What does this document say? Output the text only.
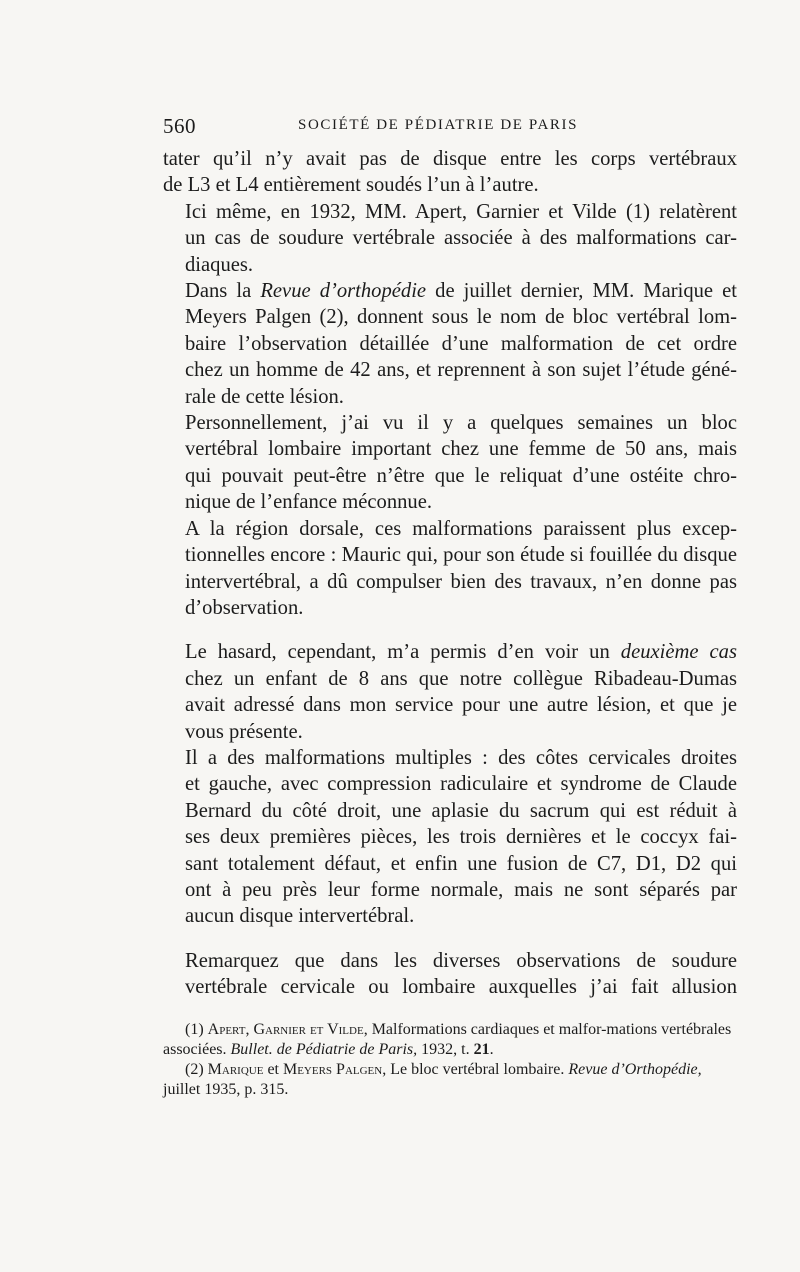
560	SOCIÉTÉ DE PÉDIATRIE DE PARIS

tater qu’il n’y avait pas de disque entre les corps vertébraux
de L3 et L4 entièrement soudés l’un à l’autre.

Ici même, en 1932, MM. Apert, Garnier et Vilde (1) relatèrent
un cas de soudure vertébrale associée à des malformations car-
diaques.

Dans la Revue d’orthopédie de juillet dernier, MM. Marique et
Meyers Palgen (2), donnent sous le nom de bloc vertébral lom-
baire l’observation détaillée d’une malformation de cet ordre
chez un homme de 42 ans, et reprennent à son sujet l’étude géné-
rale de cette lésion.

Personnellement, j’ai vu il y a quelques semaines un bloc
vertébral lombaire important chez une femme de 50 ans, mais
qui pouvait peut-être n’être que le reliquat d’une ostéite chro-
nique de l’enfance méconnue.

A la région dorsale, ces malformations paraissent plus excep-
tionnelles encore : Mauric qui, pour son étude si fouillée du disque
intervertébral, a dû compulser bien des travaux, n’en donne pas
d’observation.

Le hasard, cependant, m’a permis d’en voir un deuxième cas
chez un enfant de 8 ans que notre collègue Ribadeau-Dumas
avait adressé dans mon service pour une autre lésion, et que je
vous présente.

Il a des malformations multiples : des côtes cervicales droites
et gauche, avec compression radiculaire et syndrome de Claude
Bernard du côté droit, une aplasie du sacrum qui est réduit à
ses deux premières pièces, les trois dernières et le coccyx fai-
sant totalement défaut, et enfin une fusion de C7, D1, D2 qui
ont à peu près leur forme normale, mais ne sont séparés par
aucun disque intervertébral.

Remarquez que dans les diverses observations de soudure
vertébrale cervicale ou lombaire auxquelles j’ai fait allusion

(1) Apert, Garnier et Vilde, Malformations cardiaques et malfor-mations vertébrales associées. Bullet. de Pédiatrie de Paris, 1932, t. 21.

(2) Marique et Meyers Palgen, Le bloc vertébral lombaire. Revue d’Orthopédie, juillet 1935, p. 315.
